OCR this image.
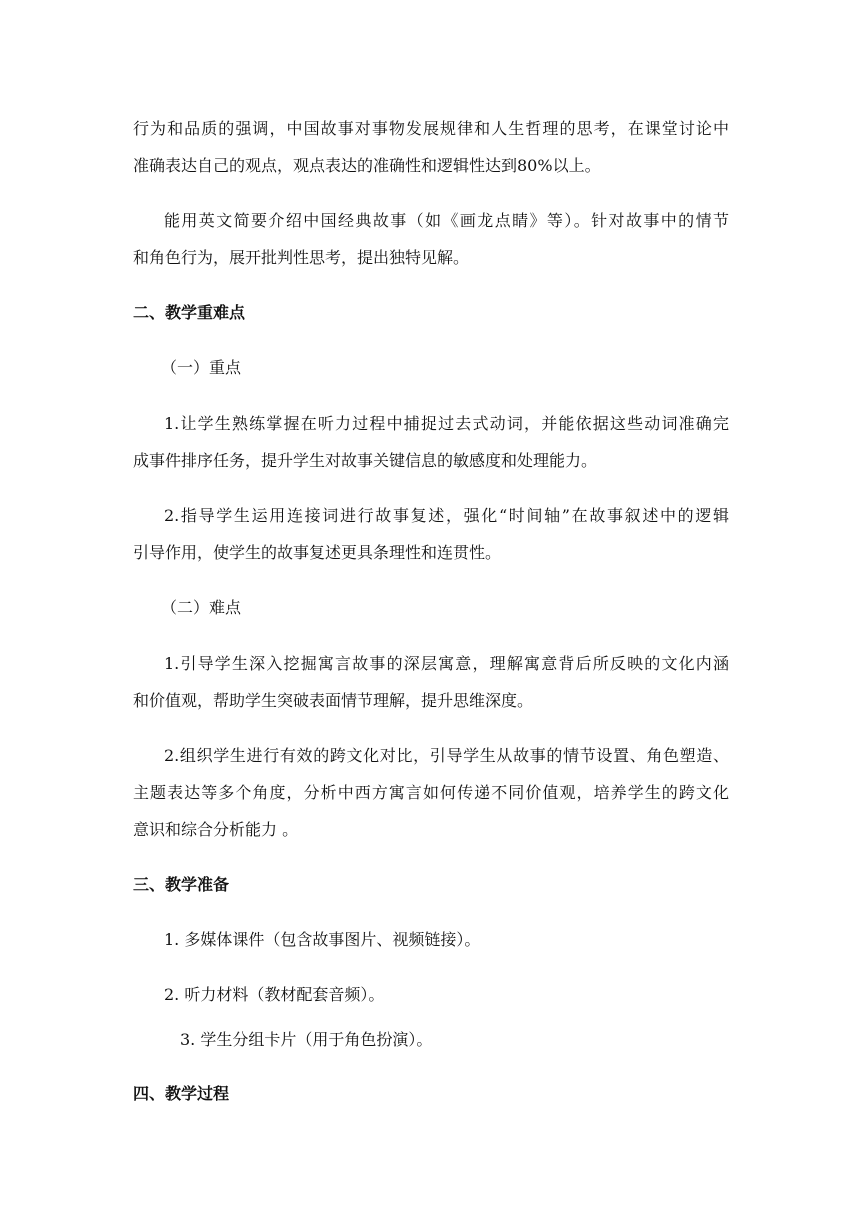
行为和品质的强调，中国故事对事物发展规律和人生哲理的思考，在课堂讨论中

准确表达自己的观点，观点表达的准确性和逻辑性达到80%以上。

能用英文简要介绍中国经典故事（如《画龙点睛》等）。针对故事中的情节

和角色行为，展开批判性思考，提出独特见解。

二、教学重难点

（一）重点

1.让学生熟练掌握在听力过程中捕捉过去式动词，并能依据这些动词准确完

成事件排序任务，提升学生对故事关键信息的敏感度和处理能力。

2.指导学生运用连接词进行故事复述，强化“时间轴”在故事叙述中的逻辑

引导作用，使学生的故事复述更具条理性和连贯性。

（二）难点

1.引导学生深入挖掘寓言故事的深层寓意，理解寓意背后所反映的文化内涵

和价值观，帮助学生突破表面情节理解，提升思维深度。

2.组织学生进行有效的跨文化对比，引导学生从故事的情节设置、角色塑造、

主题表达等多个角度，分析中西方寓言如何传递不同价值观，培养学生的跨文化

意识和综合分析能力 。

三、教学准备

1. 多媒体课件（包含故事图片、视频链接）。

2. 听力材料（教材配套音频）。

3. 学生分组卡片（用于角色扮演）。

四、教学过程
